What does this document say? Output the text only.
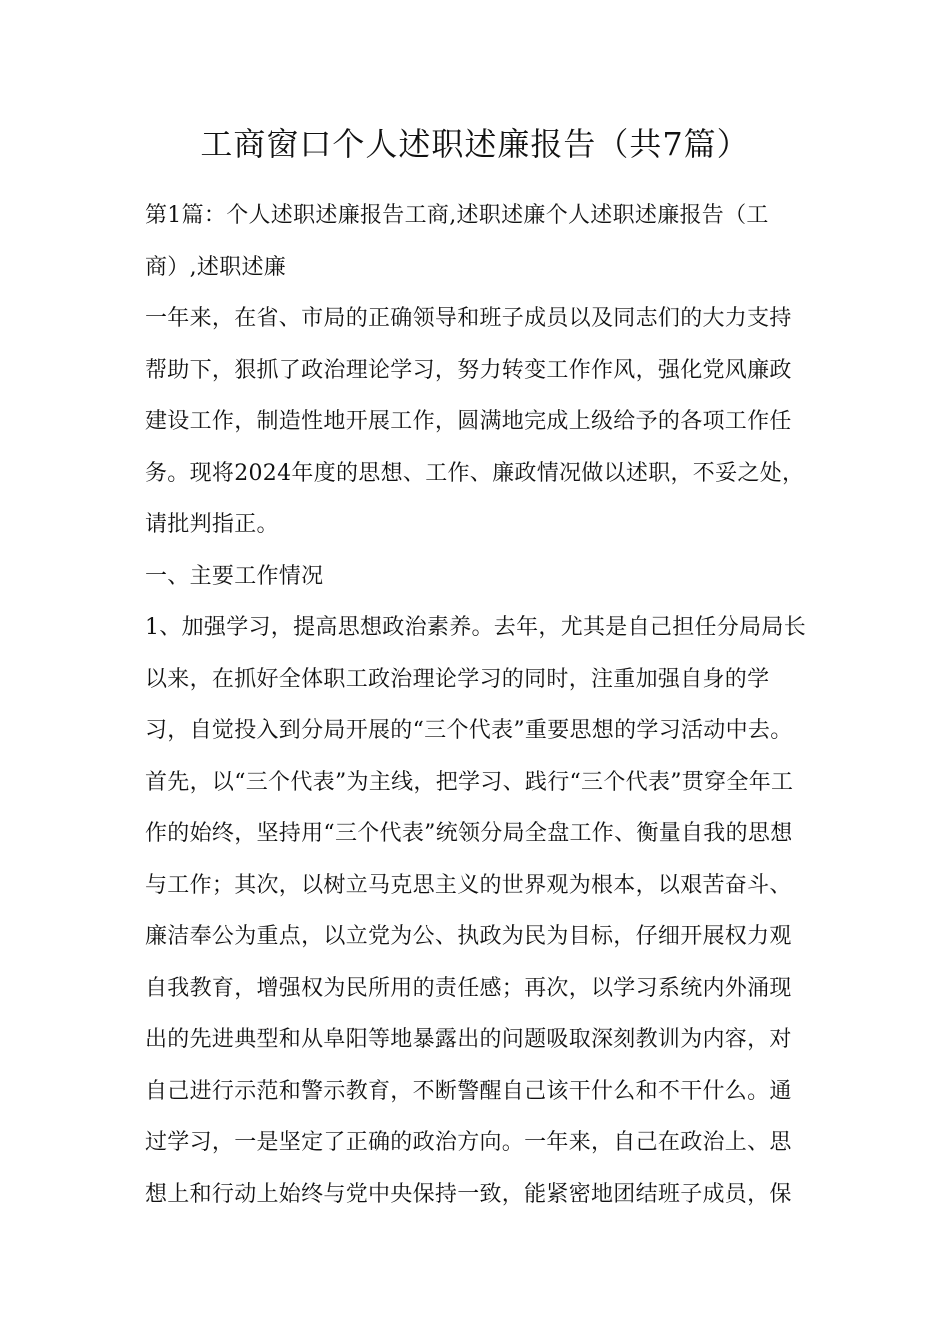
工商窗口个人述职述廉报告（共7篇）
第1篇：个人述职述廉报告工商,述职述廉个人述职述廉报告（工
商）,述职述廉
一年来，在省、市局的正确领导和班子成员以及同志们的大力支持
帮助下，狠抓了政治理论学习，努力转变工作作风，强化党风廉政
建设工作，制造性地开展工作，圆满地完成上级给予的各项工作任
务。现将2024年度的思想、工作、廉政情况做以述职，不妥之处，
请批判指正。
一、主要工作情况
1、加强学习，提高思想政治素养。去年，尤其是自己担任分局局长
以来，在抓好全体职工政治理论学习的同时，注重加强自身的学
习，自觉投入到分局开展的“三个代表”重要思想的学习活动中去。
首先，以“三个代表”为主线，把学习、践行“三个代表”贯穿全年工
作的始终，坚持用“三个代表”统领分局全盘工作、衡量自我的思想
与工作；其次，以树立马克思主义的世界观为根本，以艰苦奋斗、
廉洁奉公为重点，以立党为公、执政为民为目标，仔细开展权力观
自我教育，增强权为民所用的责任感；再次，以学习系统内外涌现
出的先进典型和从阜阳等地暴露出的问题吸取深刻教训为内容，对
自己进行示范和警示教育，不断警醒自己该干什么和不干什么。通
过学习，一是坚定了正确的政治方向。一年来，自己在政治上、思
想上和行动上始终与党中央保持一致，能紧密地团结班子成员，保
